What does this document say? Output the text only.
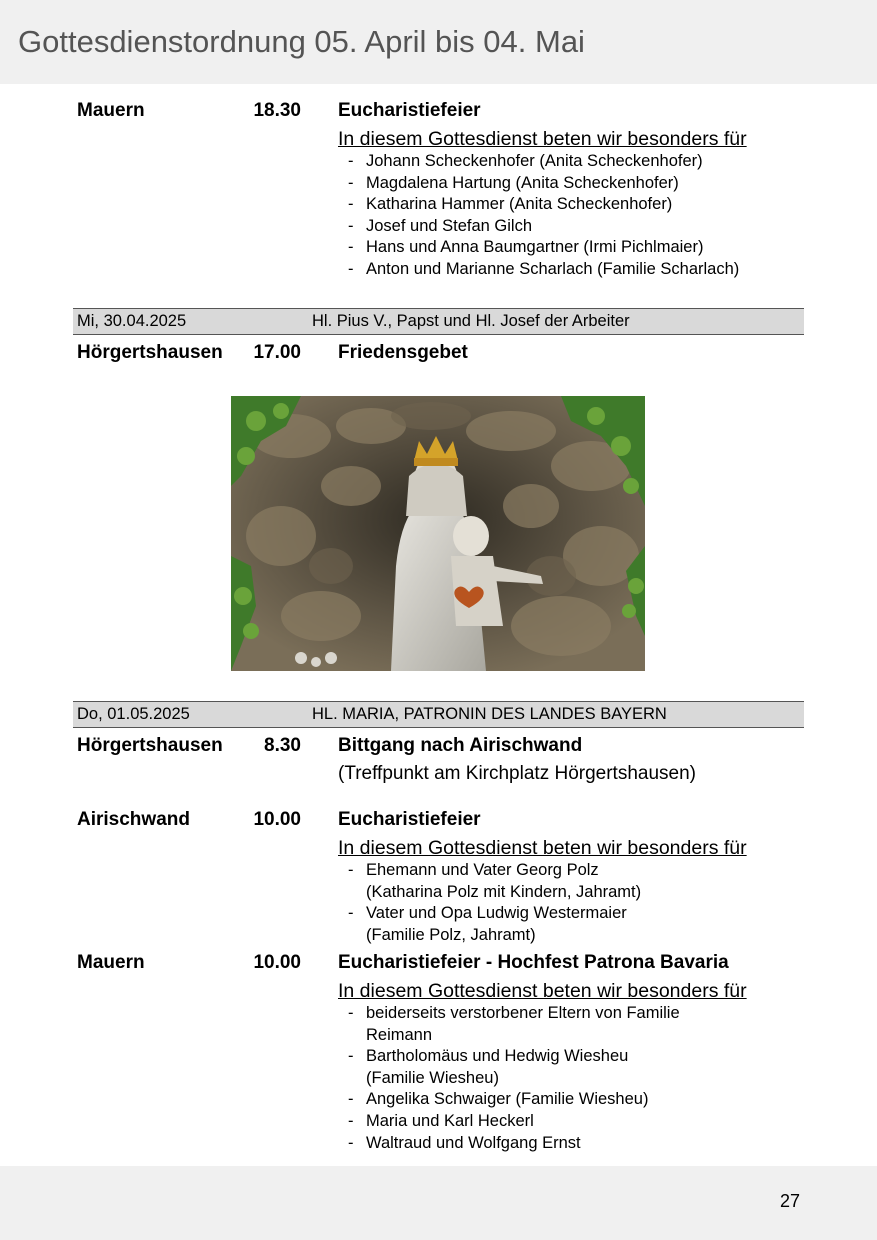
Gottesdienstordnung 05. April bis 04. Mai
Mauern	18.30 Eucharistiefeier
In diesem Gottesdienst beten wir besonders für
- Johann Scheckenhofer (Anita Scheckenhofer)
- Magdalena Hartung (Anita Scheckenhofer)
- Katharina Hammer (Anita Scheckenhofer)
- Josef und Stefan Gilch
- Hans und Anna Baumgartner (Irmi Pichlmaier)
- Anton und Marianne Scharlach (Familie Scharlach)
Mi, 30.04.2025	Hl. Pius V., Papst und Hl. Josef der Arbeiter
Hörgertshausen	17.00 Friedensgebet
Do, 01.05.2025	HL. MARIA, PATRONIN DES LANDES BAYERN
Hörgertshausen	8.30 Bittgang nach Airischwand
(Treffpunkt am Kirchplatz Hörgertshausen)
Airischwand	10.00 Eucharistiefeier
In diesem Gottesdienst beten wir besonders für
- Ehemann und Vater Georg Polz
(Katharina Polz mit Kindern, Jahramt)
- Vater und Opa Ludwig Westermaier
(Familie Polz, Jahramt)
Mauern	10.00 Eucharistiefeier - Hochfest Patrona Bavaria
In diesem Gottesdienst beten wir besonders für
- beiderseits verstorbener Eltern von Familie
Reimann
- Bartholomäus und Hedwig Wiesheu
(Familie Wiesheu)
- Angelika Schwaiger (Familie Wiesheu)
- Maria und Karl Heckerl
- Waltraud und Wolfgang Ernst
27
